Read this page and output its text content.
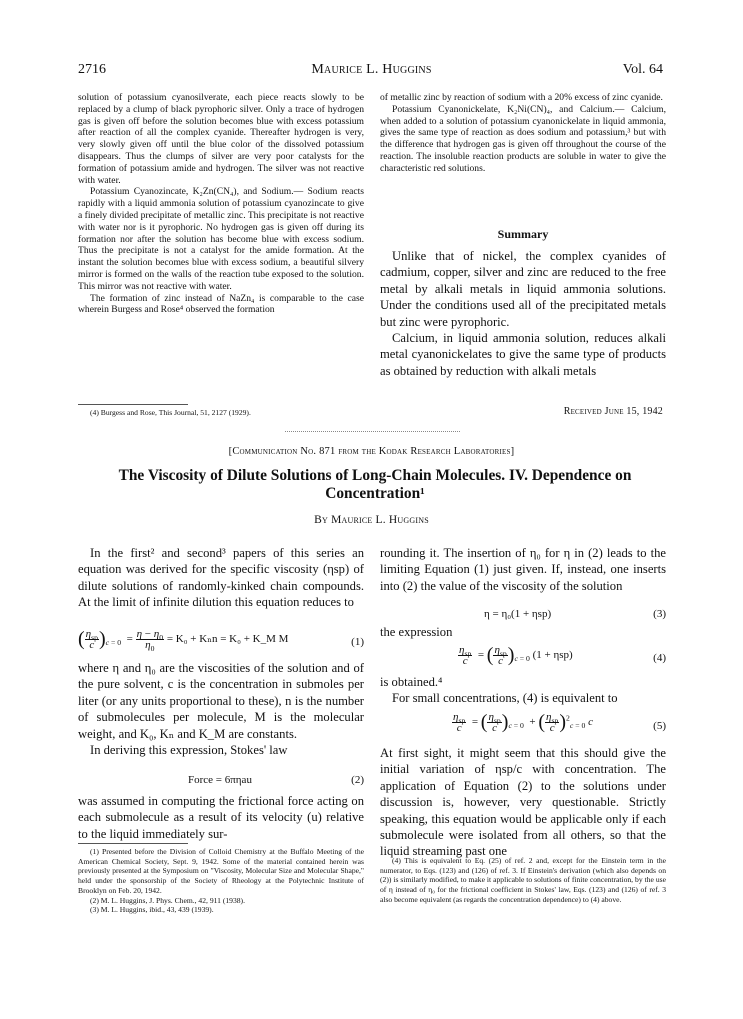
2716	Maurice L. Huggins	Vol. 64

solution of potassium cyanosilverate, each piece reacts slowly to be replaced by a clump of black pyrophoric silver. Only a trace of hydrogen gas is given off before the solution becomes blue with excess potassium after reaction of all the complex cyanide. Thereafter hydrogen is very, very slowly given off until the blue color of the dissolved potassium disappears. Thus the clumps of silver are very poor catalysts for the formation of potassium amide and hydrogen. The silver was not reactive with water.

Potassium Cyanozincate, K₂Zn(CN₄), and Sodium.— Sodium reacts rapidly with a liquid ammonia solution of potassium cyanozincate to give a finely divided precipitate of metallic zinc. This precipitate is not reactive with water nor is it pyrophoric. No hydrogen gas is given off during its formation nor after the solution has become blue with excess sodium. Thus the precipitate is not a catalyst for the amide formation. At the instant the solution becomes blue with excess sodium, a beautiful silvery mirror is formed on the walls of the reaction tube exposed to the solution. This mirror was not reactive with water.

The formation of zinc instead of NaZn₄ is comparable to the case wherein Burgess and Rose⁴ observed the formation

of metallic zinc by reaction of sodium with a 20% excess of zinc cyanide.

Potassium Cyanonickelate, K₂Ni(CN)₄, and Calcium.— Calcium, when added to a solution of potassium cyanonickelate in liquid ammonia, gives the same type of reaction as does sodium and potassium,³ but with the difference that hydrogen gas is given off throughout the course of the reaction. The insoluble reaction products are soluble in water to give the characteristic red solutions.

Summary

Unlike that of nickel, the complex cyanides of cadmium, copper, silver and zinc are reduced to the free metal by alkali metals in liquid ammonia solutions. Under the conditions used all of the precipitated metals but zinc were pyrophoric.

Calcium, in liquid ammonia solution, reduces alkali metal cyanonickelates to give the same type of products as obtained by reduction with alkali metals

(4) Burgess and Rose, This Journal, 51, 2127 (1929).	Received June 15, 1942
[Communication No. 871 from the Kodak Research Laboratories]
The Viscosity of Dilute Solutions of Long-Chain Molecules. IV. Dependence on Concentration¹
By Maurice L. Huggins

In the first² and second³ papers of this series an equation was derived for the specific viscosity (ηsp) of dilute solutions of randomly-kinked chain compounds. At the limit of infinite dilution this equation reduces to

( $\frac{\eta_{sp}}{c} )_{c = 0} = \frac{\eta - \eta_0}{\eta_0} = K_0 + K_nn = K_0$ + K_M M	(1)

where η and η₀ are the viscosities of the solution and of the pure solvent, c is the concentration in submoles per liter (or any units proportional to these), n is the number of submolecules per molecule, M is the molecular weight, and K₀, Kₙ and K_M are constants.

In deriving this expression, Stokes' law

Force = 6πηau	(2)

was assumed in computing the frictional force acting on each submolecule as a result of its velocity (u) relative to the liquid immediately sur-

(1) Presented before the Division of Colloid Chemistry at the Buffalo Meeting of the American Chemical Society, Sept. 9, 1942. Some of the material contained herein was previously presented at the Symposium on "Viscosity, Molecular Size and Molecular Shape," held under the sponsorship of the Society of Rheology at the Polytechnic Institute of Brooklyn on Feb. 20, 1942.

(2) M. L. Huggins, J. Phys. Chem., 42, 911 (1938).

(3) M. L. Huggins, ibid., 43, 439 (1939).

rounding it. The insertion of η₀ for η in (2) leads to the limiting Equation (1) just given. If, instead, one inserts into (2) the value of the viscosity of the solution

η = η₀(1 + ηsp)	(3)

the expression

$\frac{\eta_{sp}}{c}$ = ( $\frac{\eta_{sp}}{c} )_{c = 0}$ (1 + ηsp)	(4)

is obtained.⁴

For small concentrations, (4) is equivalent to

$\frac{\eta_{sp}}{c}$ = ( $\frac{\eta_{sp}}{c} )_{c = 0}$  + ( $\frac{\eta_{sp}}{c} )^2_{c = 0}$ c	(5)

At first sight, it might seem that this should give the initial variation of ηsp/c with concentration. The application of Equation (2) to the solutions under discussion is, however, very questionable. Strictly speaking, this equation would be applicable only if each submolecule were isolated from all others, so that the liquid streaming past one

(4) This is equivalent to Eq. (25) of ref. 2 and, except for the Einstein term in the numerator, to Eqs. (123) and (126) of ref. 3. If Einstein's derivation (which also depends on (2)) is similarly modified, to make it applicable to solutions of finite concentration, by the use of η instead of η₀ for the frictional coefficient in Stokes' law, Eqs. (123) and (126) of ref. 3 also become equivalent (as regards the concentration dependence) to (4) above.
